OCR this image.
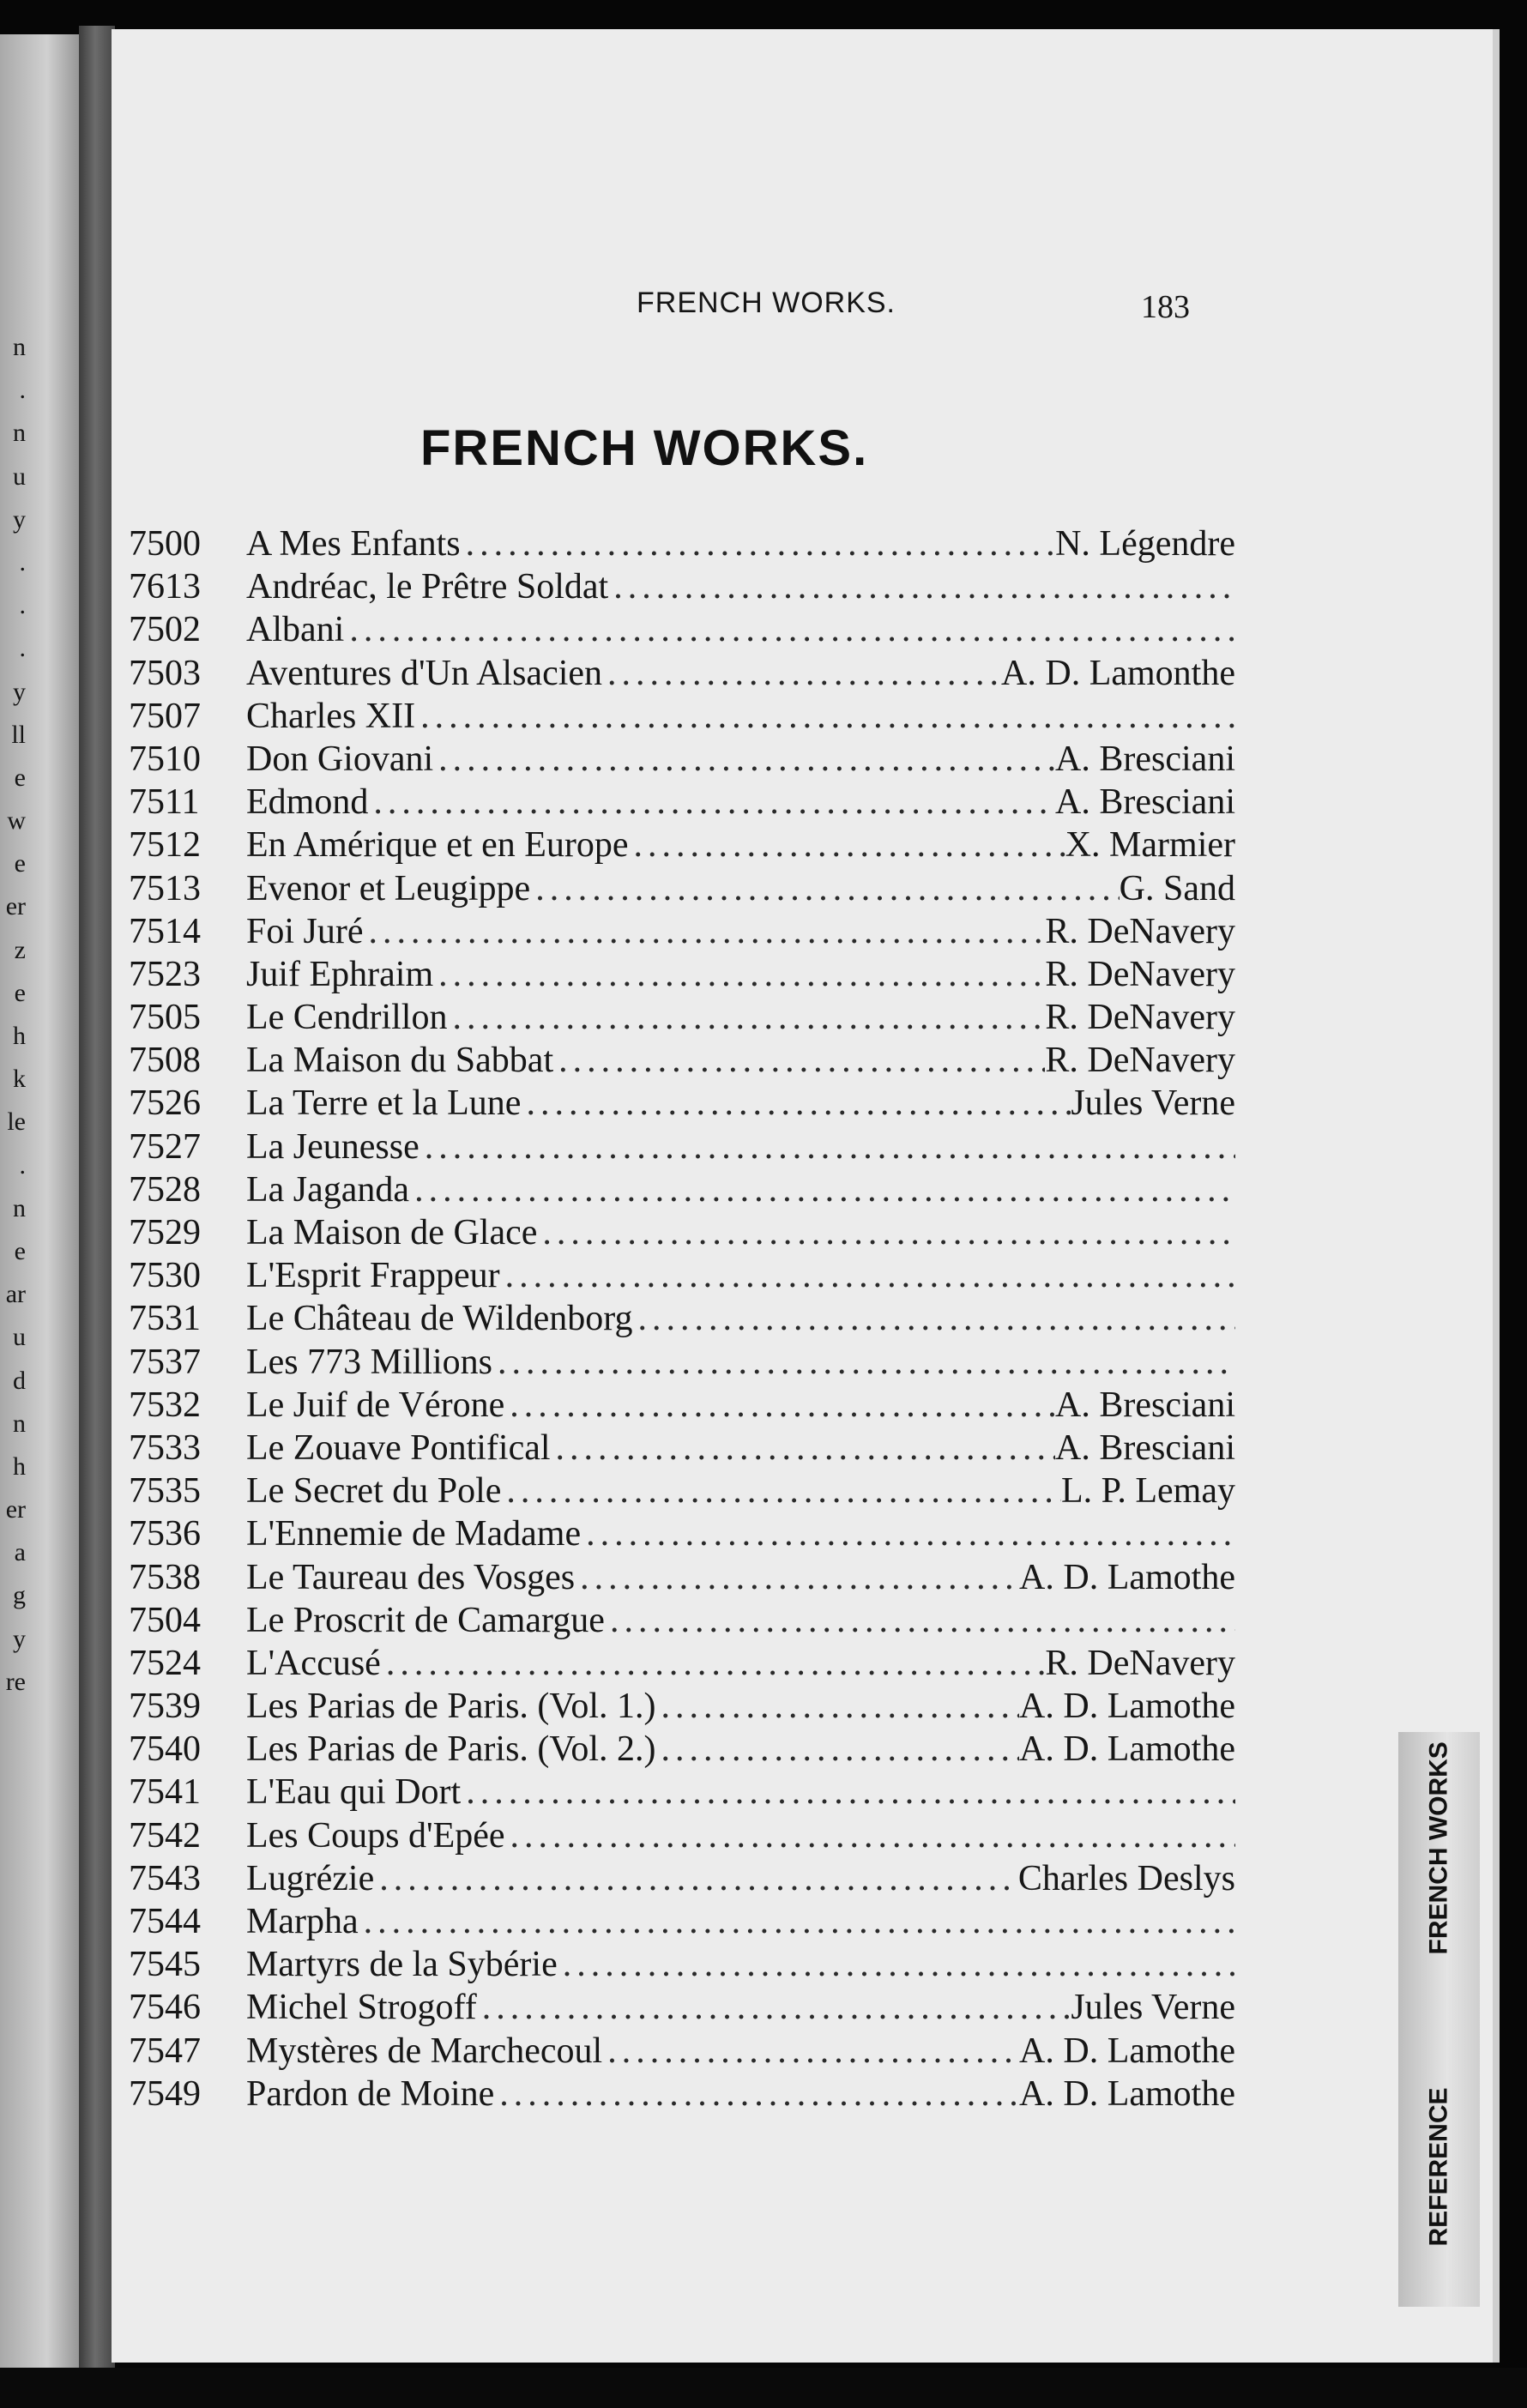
n
.
n
u
y
.
.
.
y
ll
e
w
e
er
z
e
h
k
le
.
n
e
ar
u
d
n
h
er
a
g
y
re
FRENCH WORKS.	183
FRENCH WORKS.
7500	A Mes Enfants .....	N. Légendre
7613	Andréac, le Prêtre Soldat
.....
7502	Albani
.....
7503	Aventures d'Un Alsacien .....	A. D. Lamonthe
7507	Charles XII
.....
7510	Don Giovani .....	A. Bresciani
7511	Edmond .....	A. Bresciani
7512	En Amérique et en Europe .....	X. Marmier
7513	Evenor et Leugippe .....	G. Sand
7514	Foi Juré .....	R. DeNavery
7523	Juif Ephraim .....	R. DeNavery
7505	Le Cendrillon .....	R. DeNavery
7508	La Maison du Sabbat .....	R. DeNavery
7526	La Terre et la Lune .....	Jules Verne
7527	La Jeunesse
.....
7528	La Jaganda
.....
7529	La Maison de Glace
.....
7530	L'Esprit Frappeur
.....
7531	Le Château de Wildenborg
.....
7537	Les 773 Millions
.....
7532	Le Juif de Vérone .....	A. Bresciani
7533	Le Zouave Pontifical .....	A. Bresciani
7535	Le Secret du Pole .....	L. P. Lemay
7536	L'Ennemie de Madame
.....
7538	Le Taureau des Vosges .....	A. D. Lamothe
7504	Le Proscrit de Camargue
.....
7524	L'Accusé .....	R. DeNavery
7539	Les Parias de Paris. (Vol. 1.) .....	A. D. Lamothe
7540	Les Parias de Paris. (Vol. 2.) .....	A. D. Lamothe
7541	L'Eau qui Dort
.....
7542	Les Coups d'Epée
.....
7543	Lugrézie .....	Charles Deslys
7544	Marpha
.....
7545	Martyrs de la Sybérie
.....
7546	Michel Strogoff .....	Jules Verne
7547	Mystères de Marchecoul .....	A. D. Lamothe
7549	Pardon de Moine .....	A. D. Lamothe
